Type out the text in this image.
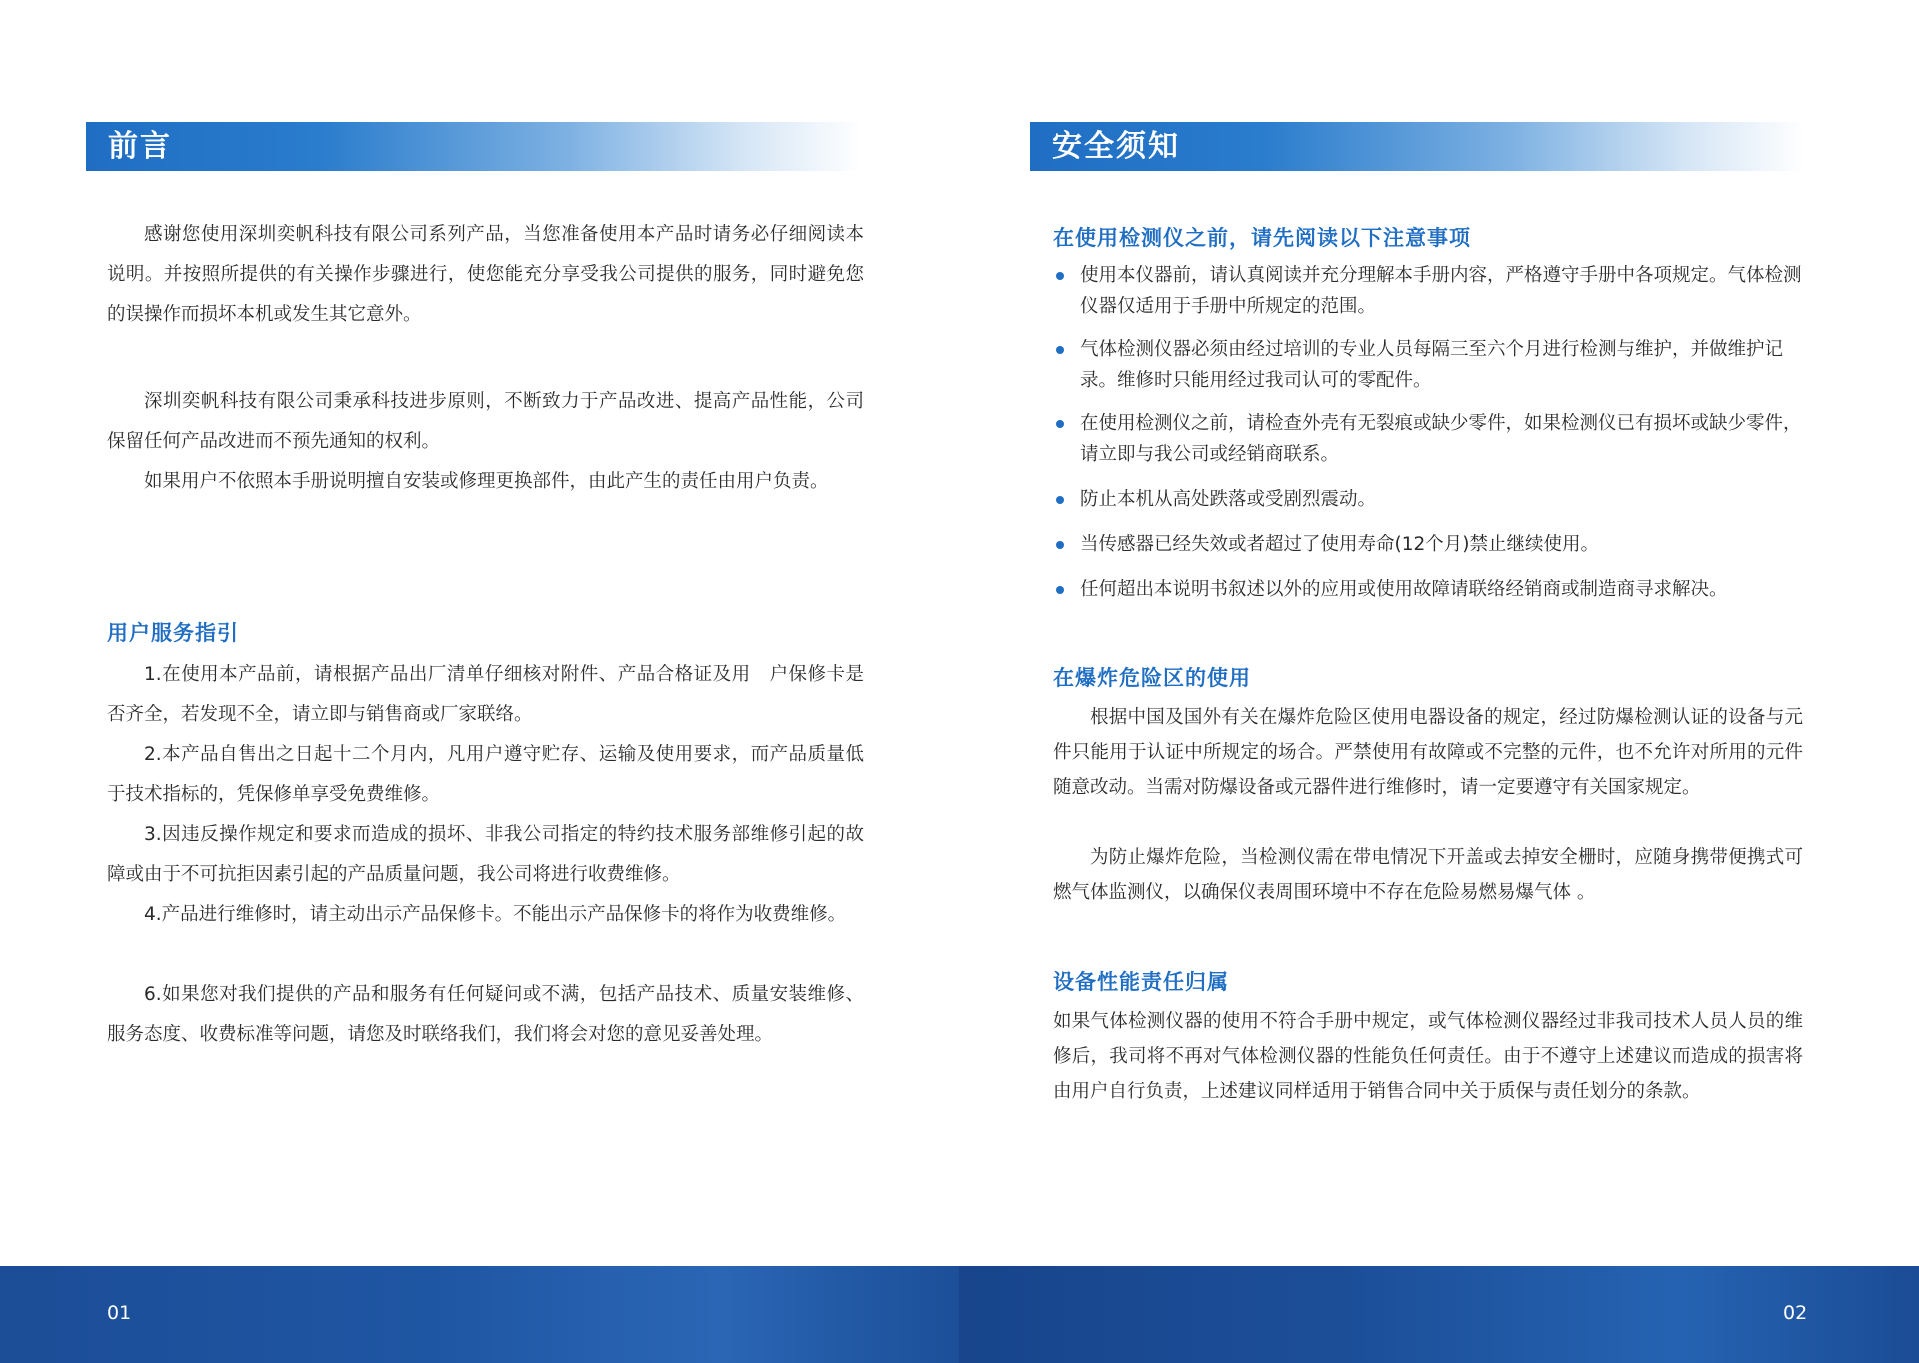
前言

感谢您使用深圳奕帆科技有限公司系列产品，当您准备使用本产品时请务必仔细阅读本说明。并按照所提供的有关操作步骤进行，使您能充分享受我公司提供的服务，同时避免您的误操作而损坏本机或发生其它意外。

深圳奕帆科技有限公司秉承科技进步原则，不断致力于产品改进、提高产品性能，公司保留任何产品改进而不预先通知的权利。

如果用户不依照本手册说明擅自安装或修理更换部件，由此产生的责任由用户负责。

用户服务指引

1.在使用本产品前，请根据产品出厂清单仔细核对附件、产品合格证及用　户保修卡是否齐全，若发现不全，请立即与销售商或厂家联络。

2.本产品自售出之日起十二个月内，凡用户遵守贮存、运输及使用要求，而产品质量低于技术指标的，凭保修单享受免费维修。

3.因违反操作规定和要求而造成的损坏、非我公司指定的特约技术服务部维修引起的故障或由于不可抗拒因素引起的产品质量问题，我公司将进行收费维修。

4.产品进行维修时，请主动出示产品保修卡。不能出示产品保修卡的将作为收费维修。

6.如果您对我们提供的产品和服务有任何疑问或不满，包括产品技术、质量安装维修、服务态度、收费标准等问题，请您及时联络我们，我们将会对您的意见妥善处理。

安全须知
在使用检测仪之前，请先阅读以下注意事项
使用本仪器前，请认真阅读并充分理解本手册内容，严格遵守手册中各项规定。气体检测仪器仅适用于手册中所规定的范围。
气体检测仪器必须由经过培训的专业人员每隔三至六个月进行检测与维护，并做维护记录。维修时只能用经过我司认可的零配件。
在使用检测仪之前，请检查外壳有无裂痕或缺少零件，如果检测仪已有损坏或缺少零件，请立即与我公司或经销商联系。
防止本机从高处跌落或受剧烈震动。
当传感器已经失效或者超过了使用寿命(12个月)禁止继续使用。
任何超出本说明书叙述以外的应用或使用故障请联络经销商或制造商寻求解决。
在爆炸危险区的使用

根据中国及国外有关在爆炸危险区使用电器设备的规定，经过防爆检测认证的设备与元件只能用于认证中所规定的场合。严禁使用有故障或不完整的元件，也不允许对所用的元件随意改动。当需对防爆设备或元器件进行维修时，请一定要遵守有关国家规定。

为防止爆炸危险，当检测仪需在带电情况下开盖或去掉安全栅时，应随身携带便携式可燃气体监测仪，以确保仪表周围环境中不存在危险易燃易爆气体 。

设备性能责任归属

如果气体检测仪器的使用不符合手册中规定，或气体检测仪器经过非我司技术人员人员的维修后，我司将不再对气体检测仪器的性能负任何责任。由于不遵守上述建议而造成的损害将由用户自行负责，上述建议同样适用于销售合同中关于质保与责任划分的条款。

01	02
